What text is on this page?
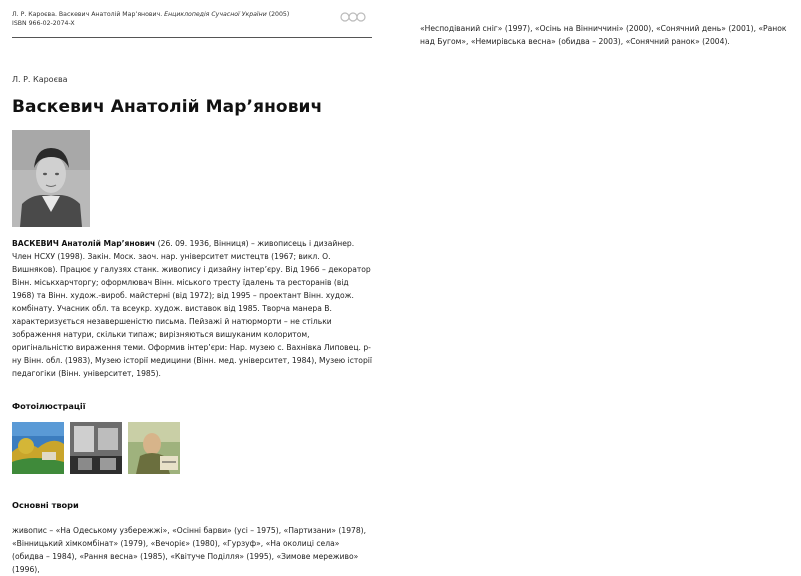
Л. Р. Кароєва. Васкевич Анатолій Мар’янович. Енциклопедія Сучасної України (2005)
ISBN 966-02-2074-X
Л. Р. Кароєва
Васкевич Анатолій Мар’янович
ВАСКЕВИЧ Анатолій Мар’янович (26. 09. 1936, Вінниця) – живописець і дизайнер. Член НСХУ (1998). Закін. Моск. заоч. нар. університет мистецтв (1967; викл. О. Вишняков). Працює у галузях станк. живопису і дизайну інтер’єру. Від 1966 – декоратор Вінн. міськхарчторгу; оформлювач Вінн. міського тресту їдалень та ресторанів (від 1968) та Вінн. худож.-вироб. майстерні (від 1972); від 1995 – проектант Вінн. худож. комбінату. Учасник обл. та всеукр. худож. виставок від 1985. Творча манера В. характеризується незавершеністю письма. Пейзажі й натюрморти – не стільки зображення натури, скільки типаж; вирізняються вишуканим колоритом, оригінальністю вираження теми. Оформив інтер’єри: Нар. музею с. Вахнівка Липовец. р-ну Вінн. обл. (1983), Музею історії медицини (Вінн. мед. університет, 1984), Музею історії педагогіки (Вінн. університет, 1985).
Фотоілюстрації
Основні твори
живопис – «На Одеському узбережжі», «Осінні барви» (усі – 1975), «Партизани» (1978), «Вінницький хімкомбінат» (1979), «Вечоріє» (1980), «Гурзуф», «На околиці села» (обидва – 1984), «Рання весна» (1985), «Квітуче Поділля» (1995), «Зимове мереживо» (1996),
«Несподіваний сніг» (1997), «Осінь на Вінниччині» (2000), «Сонячний день» (2001), «Ранок над Бугом», «Немирівська весна» (обидва – 2003), «Сонячний ранок» (2004).
